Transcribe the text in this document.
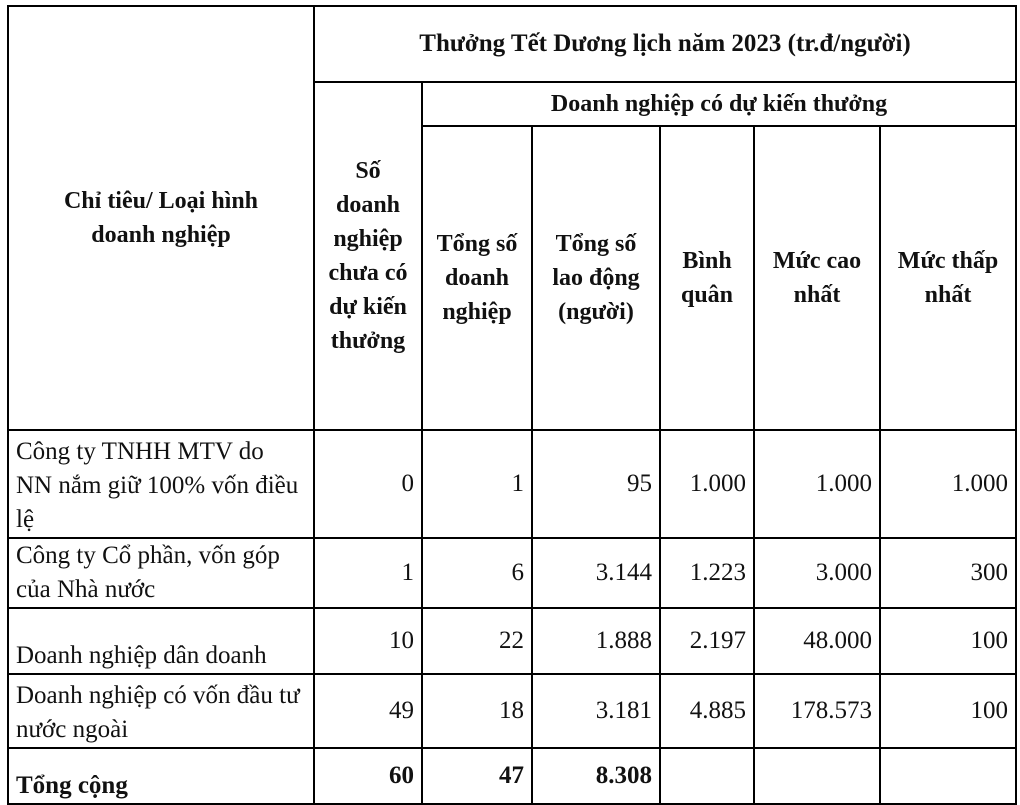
Chỉ tiêu/ Loại hình doanh nghiệp	Thưởng Tết Dương lịch năm 2023 (tr.đ/người)					
	Số doanh nghiệp chưa có dự kiến thưởng	Doanh nghiệp có dự kiến thưởng				
		Tổng số doanh nghiệp	Tổng số lao động (người)	Bình quân	Mức cao nhất	Mức thấp nhất
Công ty TNHH MTV do NN nắm giữ 100% vốn điều lệ	0	1	95	1.000	1.000	1.000
Công ty Cổ phần, vốn góp của Nhà nước	1	6	3.144	1.223	3.000	300
Doanh nghiệp dân doanh	10	22	1.888	2.197	48.000	100
Doanh nghiệp có vốn đầu tư nước ngoài	49	18	3.181	4.885	178.573	100
Tổng cộng	60	47	8.308			
